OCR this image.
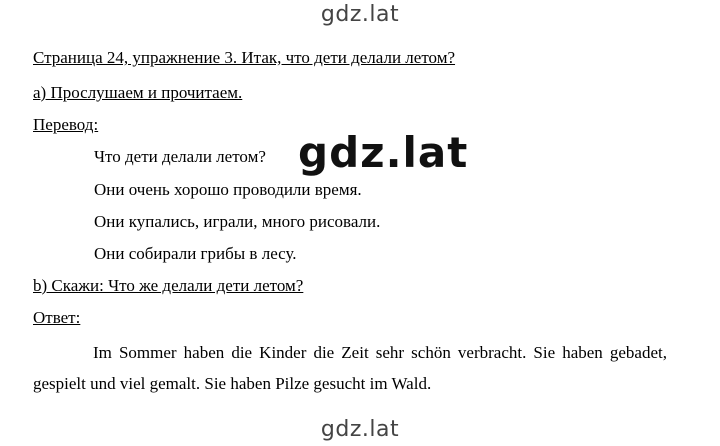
gdz.lat
Страница 24, упражнение 3. Итак, что дети делали летом?
а) Прослушаем и прочитаем.
Перевод:
Что дети делали летом?
Они очень хорошо проводили время.
Они купались, играли, много рисовали.
Они собирали грибы в лесу.
b) Скажи: Что же делали дети летом?
Ответ:
Im Sommer haben die Kinder die Zeit sehr schön verbracht. Sie haben gebadet, gespielt und viel gemalt. Sie haben Pilze gesucht im Wald.
gdz.lat
gdz.lat
